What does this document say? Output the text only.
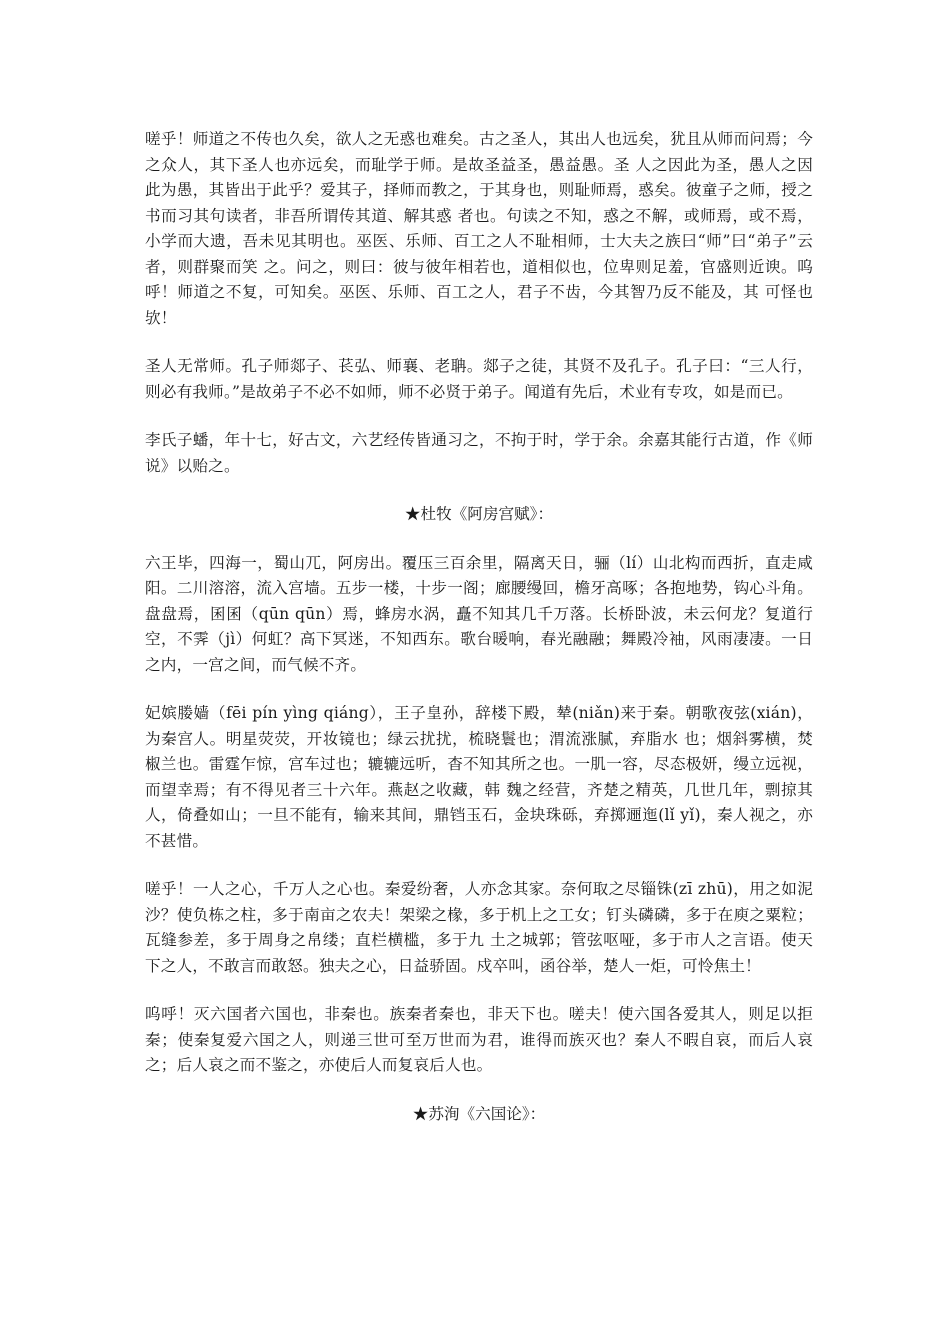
嗟乎！师道之不传也久矣，欲人之无惑也难矣。古之圣人，其出人也远矣，犹且从师而问焉；今之众人，其下圣人也亦远矣，而耻学于师。是故圣益圣，愚益愚。圣 人之因此为圣，愚人之因此为愚，其皆出于此乎？爱其子，择师而教之，于其身也，则耻师焉，惑矣。彼童子之师，授之书而习其句读者，非吾所谓传其道、解其惑 者也。句读之不知，惑之不解，或师焉，或不焉，小学而大遗，吾未见其明也。巫医、乐师、百工之人不耻相师，士大夫之族曰“师”曰“弟子”云者，则群聚而笑 之。问之，则曰：彼与彼年相若也，道相似也，位卑则足羞，官盛则近谀。呜呼！师道之不复，可知矣。巫医、乐师、百工之人，君子不齿，今其智乃反不能及，其 可怪也欤！

圣人无常师。孔子师郯子、苌弘、师襄、老聃。郯子之徒，其贤不及孔子。孔子曰：“三人行，则必有我师。”是故弟子不必不如师，师不必贤于弟子。闻道有先后，术业有专攻，如是而已。

李氏子蟠，年十七，好古文，六艺经传皆通习之，不拘于时，学于余。余嘉其能行古道，作《师说》以贻之。

★杜牧《阿房宫赋》：

六王毕，四海一，蜀山兀，阿房出。覆压三百余里，隔离天日，骊（lí）山北构而西折，直走咸阳。二川溶溶，流入宫墙。五步一楼，十步一阁；廊腰缦回，檐牙高啄；各抱地势，钩心斗角。盘盘焉，囷囷（qūn qūn）焉，蜂房水涡，矗不知其几千万落。长桥卧波，未云何龙？复道行空，不霁（jì）何虹？高下冥迷，不知西东。歌台暖响，春光融融；舞殿冷袖，风雨凄凄。一日之内，一宫之间，而气候不齐。

妃嫔媵嫱（fēi pín yìng qiáng），王子皇孙，辞楼下殿，辇(niǎn)来于秦。朝歌夜弦(xián)，为秦宫人。明星荧荧，开妆镜也；绿云扰扰，梳晓鬟也；渭流涨腻，弃脂水 也；烟斜雾横，焚椒兰也。雷霆乍惊，宫车过也；辘辘远听，杳不知其所之也。一肌一容，尽态极妍，缦立远视，而望幸焉；有不得见者三十六年。燕赵之收藏，韩 魏之经营，齐楚之精英，几世几年，剽掠其人，倚叠如山；一旦不能有，输来其间，鼎铛玉石，金块珠砾，弃掷逦迤(lǐ yǐ)，秦人视之，亦不甚惜。

嗟乎！一人之心，千万人之心也。秦爱纷奢，人亦念其家。奈何取之尽锱铢(zī zhū)，用之如泥沙？使负栋之柱，多于南亩之农夫！架梁之椽，多于机上之工女；钉头磷磷，多于在庾之粟粒；瓦缝参差，多于周身之帛缕；直栏横槛，多于九 土之城郭；管弦呕哑，多于市人之言语。使天下之人，不敢言而敢怒。独夫之心，日益骄固。戍卒叫，函谷举，楚人一炬，可怜焦土！

呜呼！灭六国者六国也，非秦也。族秦者秦也，非天下也。嗟夫！使六国各爱其人，则足以拒秦；使秦复爱六国之人，则递三世可至万世而为君，谁得而族灭也？秦人不暇自哀，而后人哀之；后人哀之而不鉴之，亦使后人而复哀后人也。

★苏洵《六国论》：
